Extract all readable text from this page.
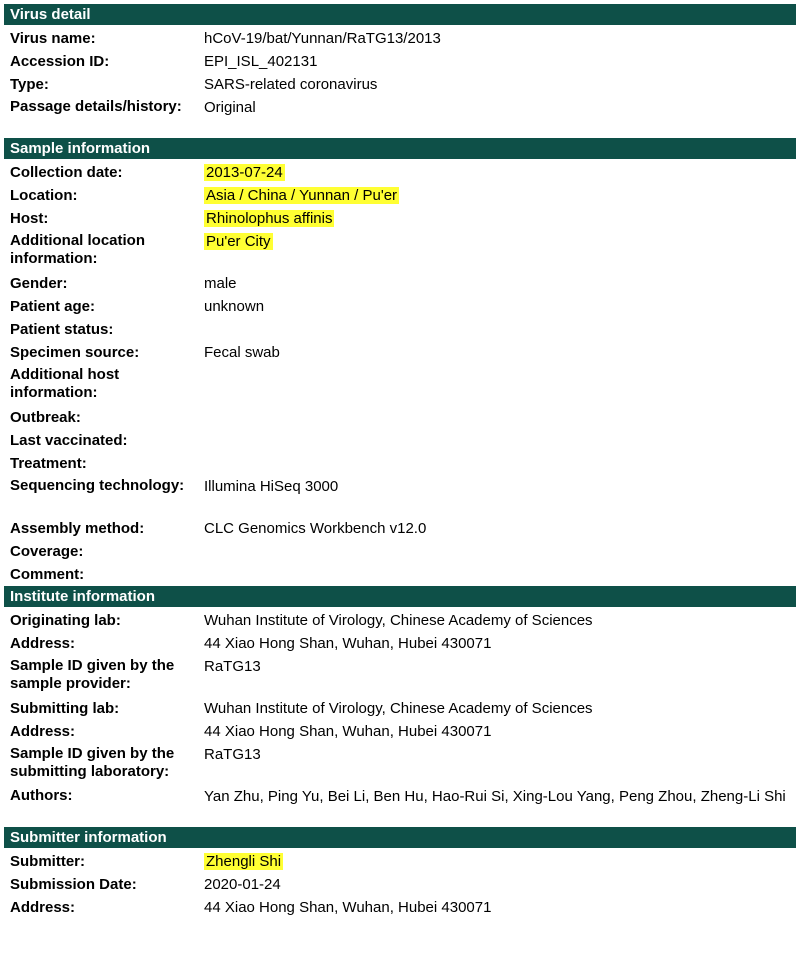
Virus detail
Virus name:	hCoV-19/bat/Yunnan/RaTG13/2013
Accession ID:	EPI_ISL_402131
Type:	SARS-related coronavirus
Passage details/history:	Original
Sample information
Collection date:	2013-07-24
Location:	Asia / China / Yunnan / Pu'er
Host:	Rhinolophus affinis
Additional location information:
Pu'er City
Gender:	male
Patient age:	unknown
Patient status:
Specimen source:	Fecal swab
Additional host information:
Outbreak:
Last vaccinated:
Treatment:
Sequencing technology:	Illumina HiSeq 3000
Assembly method:	CLC Genomics Workbench v12.0
Coverage:
Comment:
Institute information
Originating lab:	Wuhan Institute of Virology, Chinese Academy of Sciences
Address:	44 Xiao Hong Shan, Wuhan, Hubei 430071
Sample ID given by the sample provider:
RaTG13
Submitting lab:	Wuhan Institute of Virology, Chinese Academy of Sciences
Address:	44 Xiao Hong Shan, Wuhan, Hubei 430071
Sample ID given by the submitting laboratory:
RaTG13
Authors:	Yan Zhu, Ping Yu, Bei Li, Ben Hu, Hao-Rui Si, Xing-Lou Yang, Peng Zhou, Zheng-Li Shi
Submitter information
Submitter:	Zhengli Shi
Submission Date:	2020-01-24
Address:	44 Xiao Hong Shan, Wuhan, Hubei 430071
